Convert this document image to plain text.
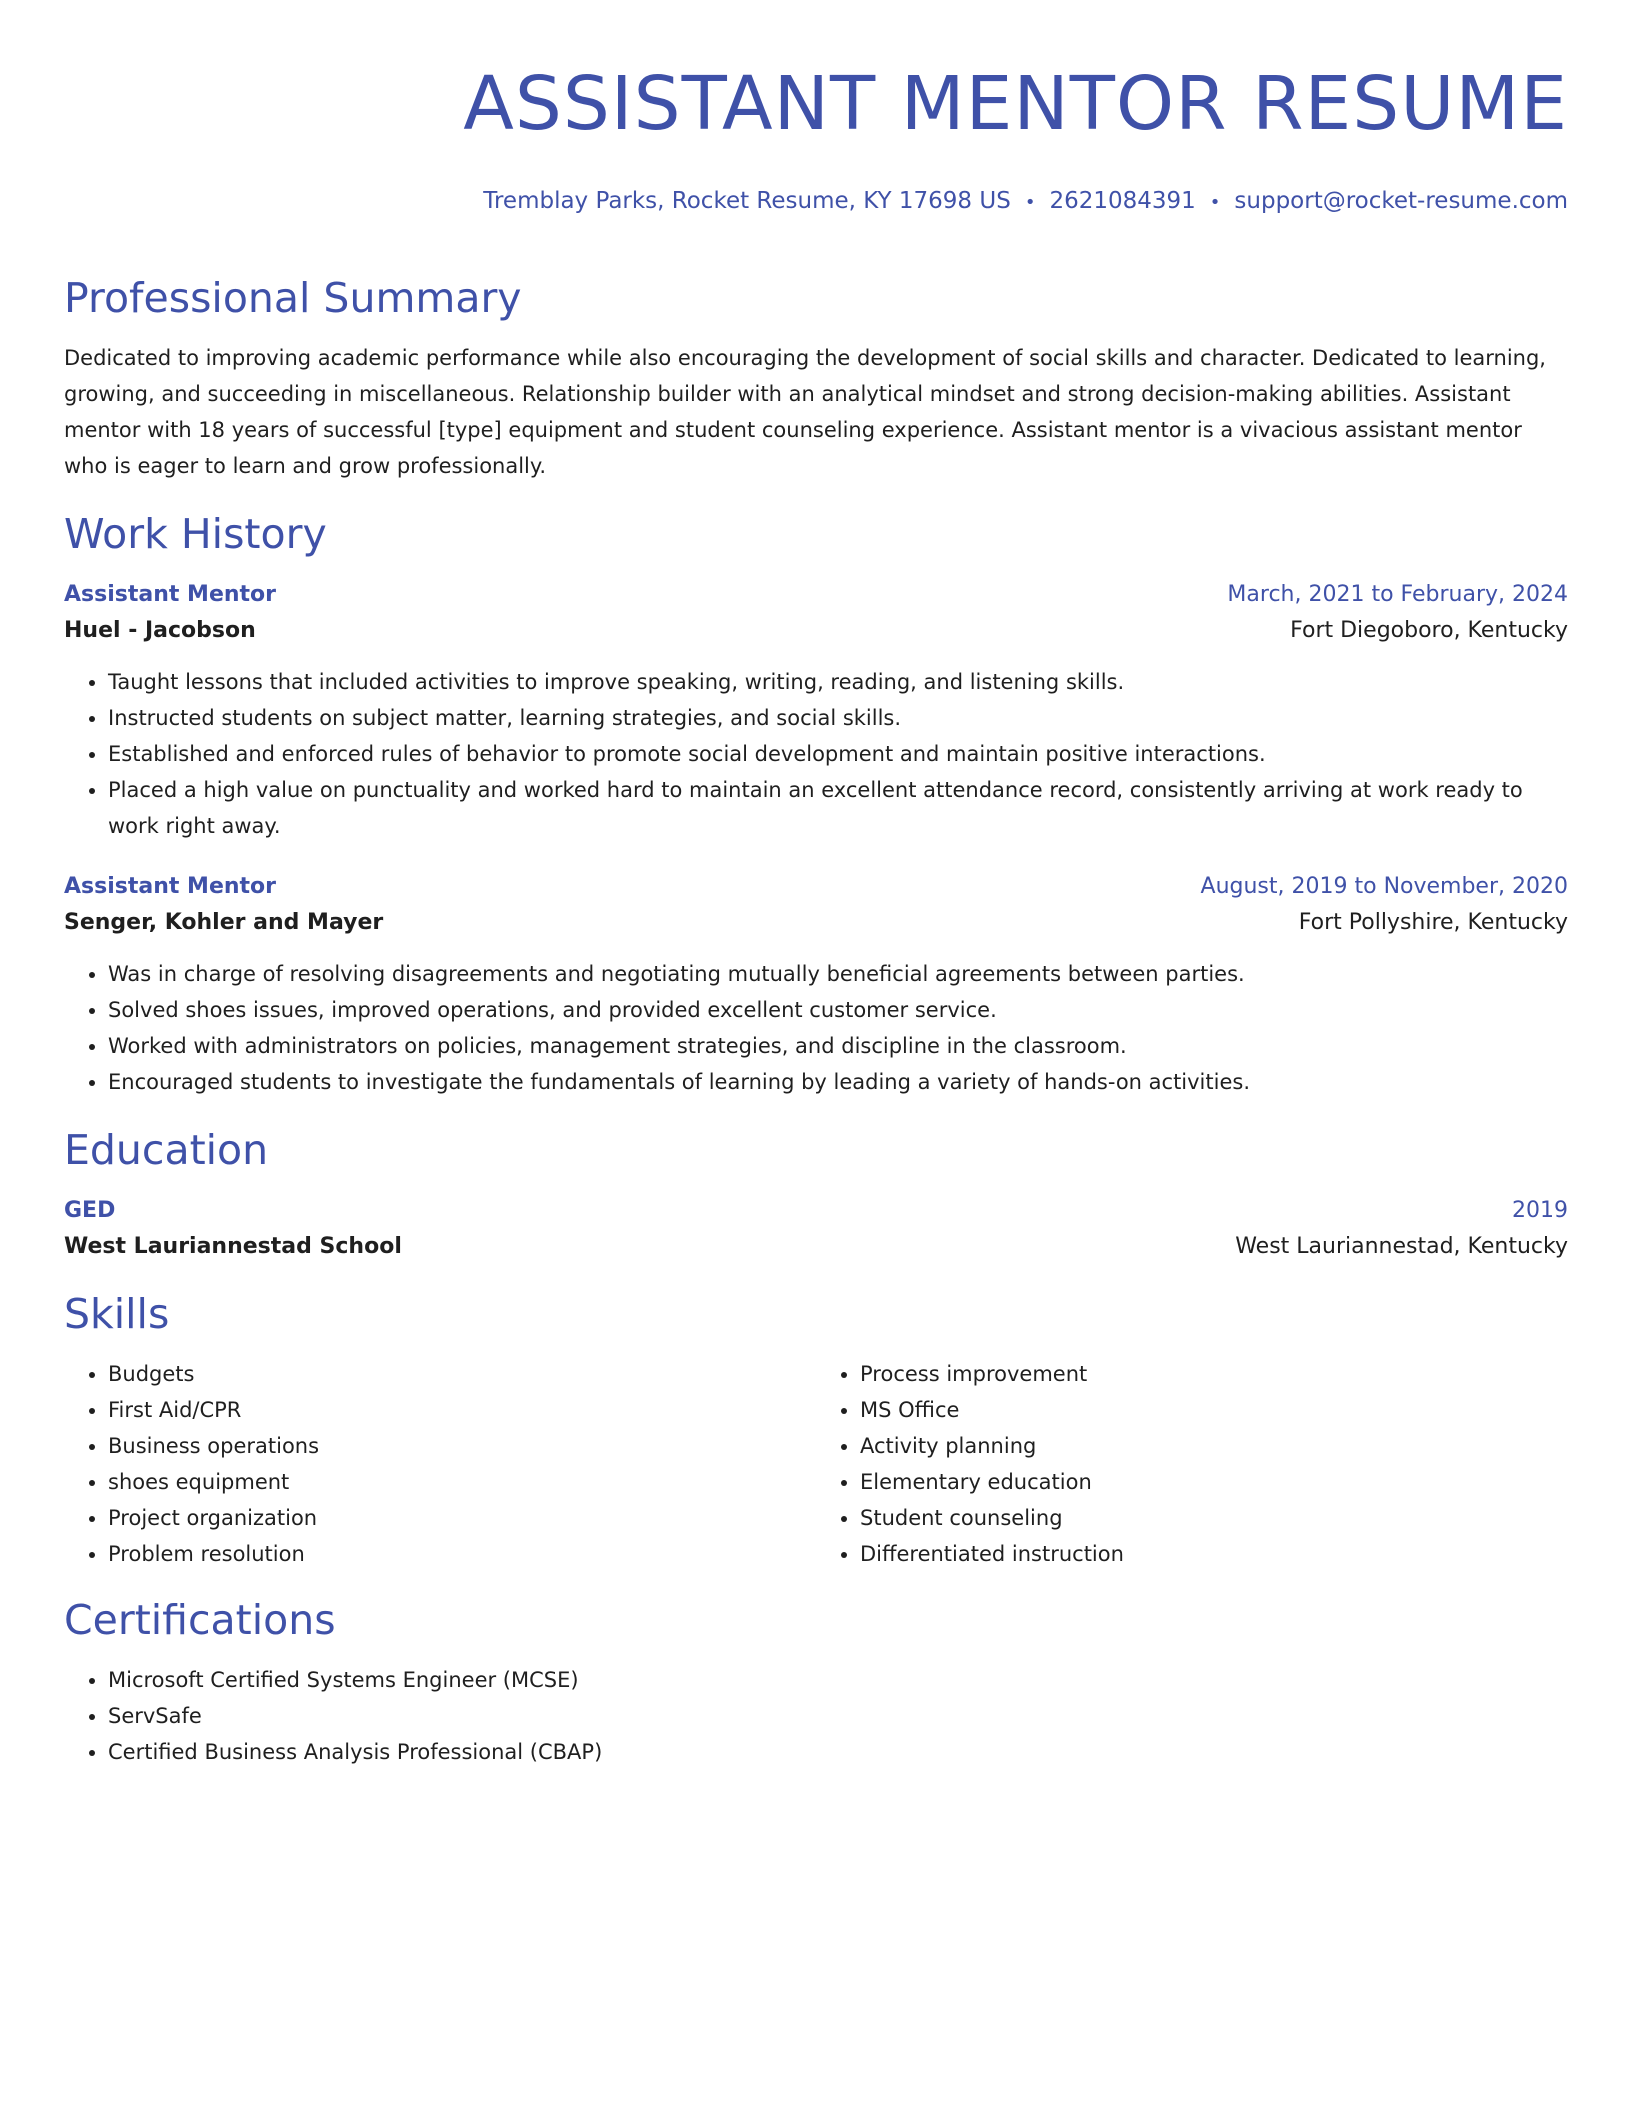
ASSISTANT MENTOR RESUME
Tremblay Parks, Rocket Resume, KY 17698 US • 2621084391 • support@rocket-resume.com
Professional Summary
Dedicated to improving academic performance while also encouraging the development of social skills and character. Dedicated to learning, growing, and succeeding in miscellaneous. Relationship builder with an analytical mindset and strong decision-making abilities. Assistant mentor with 18 years of successful [type] equipment and student counseling experience. Assistant mentor is a vivacious assistant mentor who is eager to learn and grow professionally.
Work History
Assistant Mentor	March, 2021 to February, 2024
Huel - Jacobson	Fort Diegoboro, Kentucky
• Taught lessons that included activities to improve speaking, writing, reading, and listening skills.
• Instructed students on subject matter, learning strategies, and social skills.
• Established and enforced rules of behavior to promote social development and maintain positive interactions.
• Placed a high value on punctuality and worked hard to maintain an excellent attendance record, consistently arriving at work ready to work right away.
Assistant Mentor	August, 2019 to November, 2020
Senger, Kohler and Mayer	Fort Pollyshire, Kentucky
• Was in charge of resolving disagreements and negotiating mutually beneficial agreements between parties.
• Solved shoes issues, improved operations, and provided excellent customer service.
• Worked with administrators on policies, management strategies, and discipline in the classroom.
• Encouraged students to investigate the fundamentals of learning by leading a variety of hands-on activities.
Education
GED	2019
West Lauriannestad School	West Lauriannestad, Kentucky
Skills
• Budgets
• First Aid/CPR
• Business operations
• shoes equipment
• Project organization
• Problem resolution
• Process improvement
• MS Office
• Activity planning
• Elementary education
• Student counseling
• Differentiated instruction
Certifications
• Microsoft Certified Systems Engineer (MCSE)
• ServSafe
• Certified Business Analysis Professional (CBAP)
